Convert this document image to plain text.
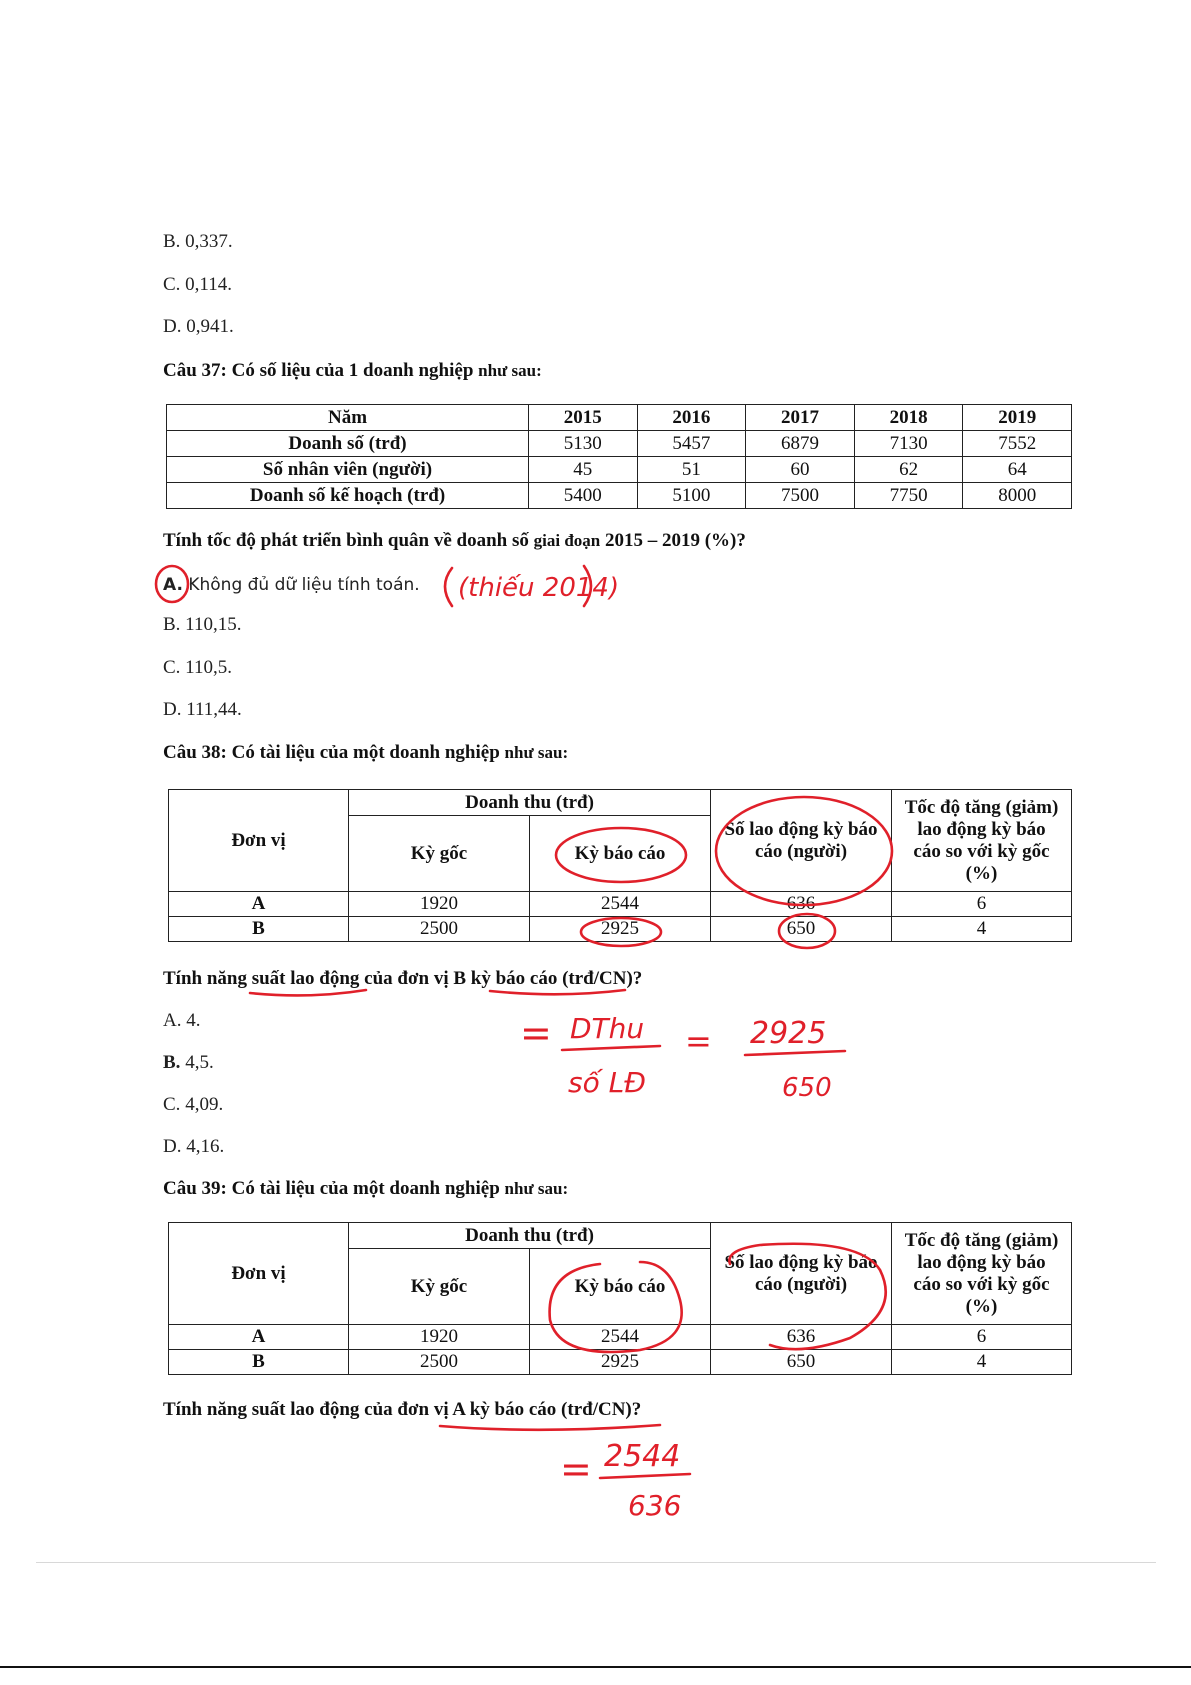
B. 0,337.
C. 0,114.
D. 0,941.
Câu 37: Có số liệu của 1 doanh nghiệp như sau:
Năm	2015	2016	2017	2018	2019
Doanh số (trđ)	5130	5457	6879	7130	7552
Số nhân viên (người)	45	51	60	62	64
Doanh số kế hoạch (trđ)	5400	5100	7500	7750	8000
Tính tốc độ phát triển bình quân về doanh số giai đoạn 2015 – 2019 (%)?
A. Không đủ dữ liệu tính toán.
B. 110,15.
C. 110,5.
D. 111,44.
Câu 38: Có tài liệu của một doanh nghiệp như sau:
Đơn vị	Doanh thu (trđ)		Số lao động kỳ báo cáo (người)	Tốc độ tăng (giảm) lao động kỳ báo cáo so với kỳ gốc (%)
	Kỳ gốc	Kỳ báo cáo		
A	1920	2544	636	6
B	2500	2925	650	4
Tính năng suất lao động của đơn vị B kỳ báo cáo (trđ/CN)?
A. 4.
B. 4,5.
C. 4,09.
D. 4,16.
Câu 39: Có tài liệu của một doanh nghiệp như sau:
Đơn vị	Doanh thu (trđ)		Số lao động kỳ báo cáo (người)	Tốc độ tăng (giảm) lao động kỳ báo cáo so với kỳ gốc (%)
	Kỳ gốc	Kỳ báo cáo		
A	1920	2544	636	6
B	2500	2925	650	4
Tính năng suất lao động của đơn vị A kỳ báo cáo (trđ/CN)?
(thiếu 2014)
= DThu
số LĐ
= 2925
650
= 2544
636
